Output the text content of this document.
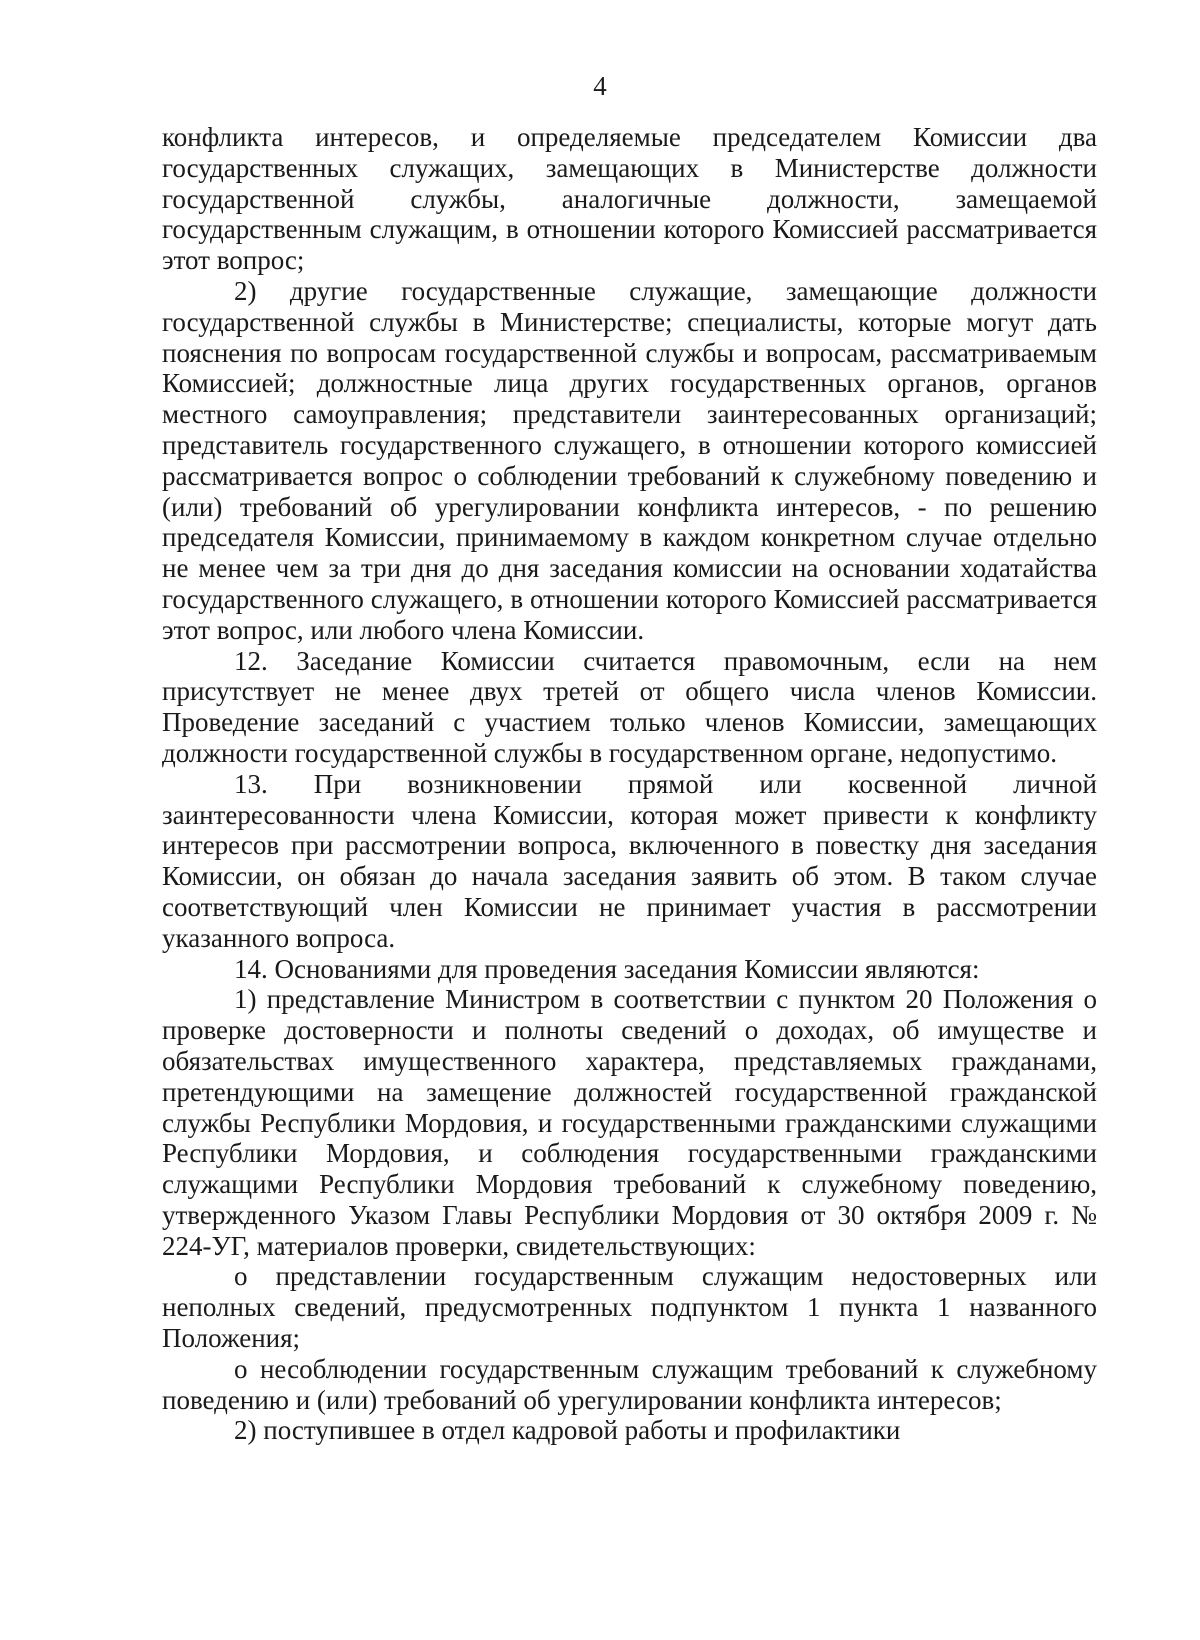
4

конфликта интересов, и определяемые председателем Комиссии два государственных служащих, замещающих в Министерстве должности государственной службы, аналогичные должности, замещаемой государственным служащим, в отношении которого Комиссией рассматривается этот вопрос;

2) другие государственные служащие, замещающие должности государственной службы в Министерстве; специалисты, которые могут дать пояснения по вопросам государственной службы и вопросам, рассматриваемым Комиссией; должностные лица других государственных органов, органов местного самоуправления; представители заинтересованных организаций; представитель государственного служащего, в отношении которого комиссией рассматривается вопрос о соблюдении требований к служебному поведению и (или) требований об урегулировании конфликта интересов, - по решению председателя Комиссии, принимаемому в каждом конкретном случае отдельно не менее чем за три дня до дня заседания комиссии на основании ходатайства государственного служащего, в отношении которого Комиссией рассматривается этот вопрос, или любого члена Комиссии.

12. Заседание Комиссии считается правомочным, если на нем присутствует не менее двух третей от общего числа членов Комиссии. Проведение заседаний с участием только членов Комиссии, замещающих должности государственной службы в государственном органе, недопустимо.

13. При возникновении прямой или косвенной личной заинтересованности члена Комиссии, которая может привести к конфликту интересов при рассмотрении вопроса, включенного в повестку дня заседания Комиссии, он обязан до начала заседания заявить об этом. В таком случае соответствующий член Комиссии не принимает участия в рассмотрении указанного вопроса.

14. Основаниями для проведения заседания Комиссии являются:

1) представление Министром в соответствии с пунктом 20 Положения о проверке достоверности и полноты сведений о доходах, об имуществе и обязательствах имущественного характера, представляемых гражданами, претендующими на замещение должностей государственной гражданской службы Республики Мордовия, и государственными гражданскими служащими Республики Мордовия, и соблюдения государственными гражданскими служащими Республики Мордовия требований к служебному поведению, утвержденного Указом Главы Республики Мордовия от 30 октября 2009 г. № 224-УГ, материалов проверки, свидетельствующих:

о представлении государственным служащим недостоверных или неполных сведений, предусмотренных подпунктом 1 пункта 1 названного Положения;

о несоблюдении государственным служащим требований к служебному поведению и (или) требований об урегулировании конфликта интересов;

2) поступившее в отдел кадровой работы и профилактики
